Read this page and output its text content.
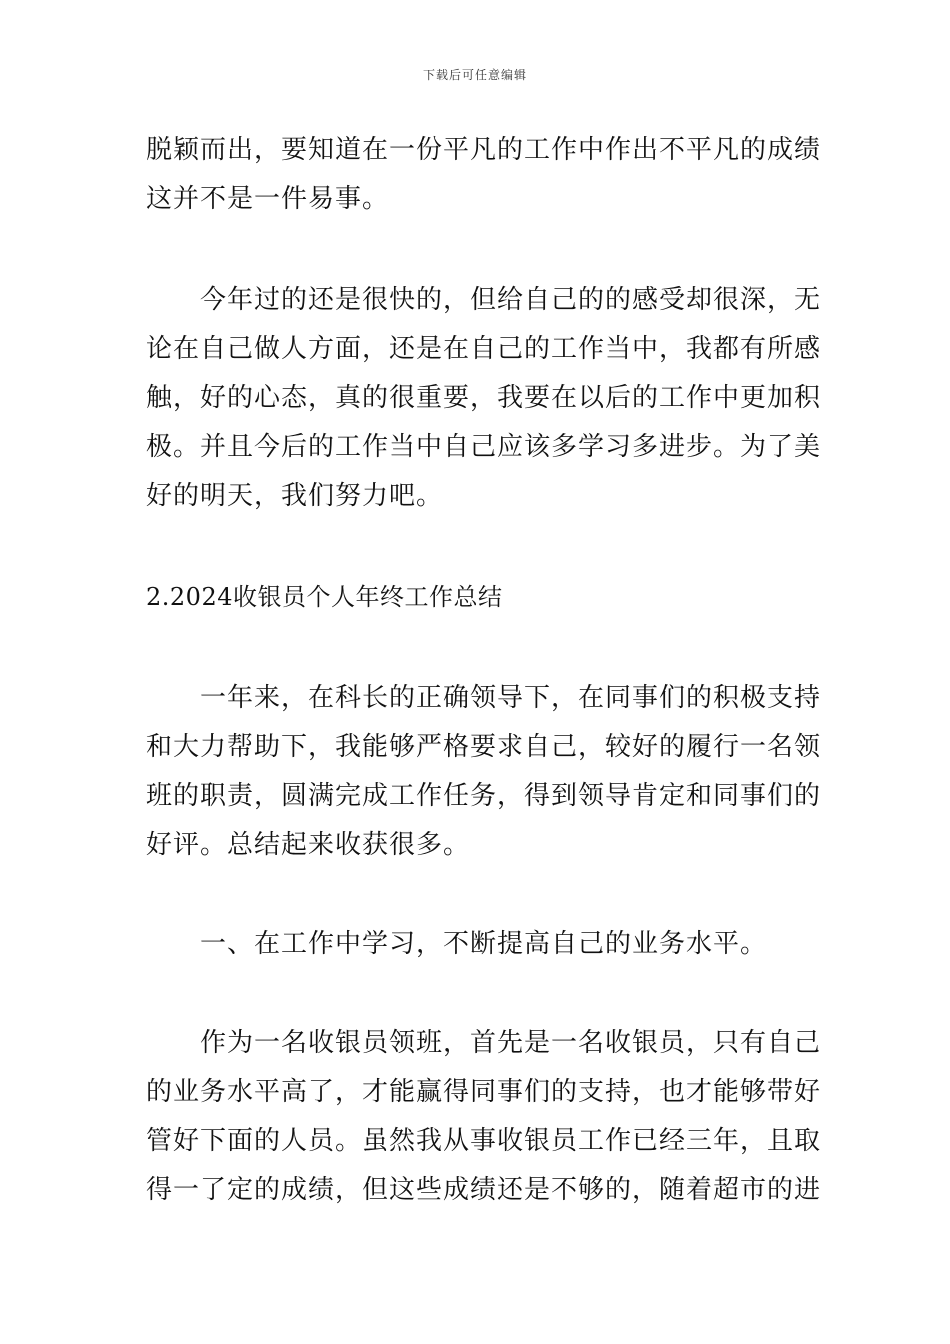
下载后可任意编辑
脱颖而出，要知道在一份平凡的工作中作出不平凡的成绩
这并不是一件易事。
今年过的还是很快的，但给自己的的感受却很深，无
论在自己做人方面，还是在自己的工作当中，我都有所感
触，好的心态，真的很重要，我要在以后的工作中更加积
极。并且今后的工作当中自己应该多学习多进步。为了美
好的明天，我们努力吧。
2.2024收银员个人年终工作总结
一年来，在科长的正确领导下，在同事们的积极支持
和大力帮助下，我能够严格要求自己，较好的履行一名领
班的职责，圆满完成工作任务，得到领导肯定和同事们的
好评。总结起来收获很多。
一、在工作中学习，不断提高自己的业务水平。
作为一名收银员领班，首先是一名收银员，只有自己
的业务水平高了，才能赢得同事们的支持，也才能够带好
管好下面的人员。虽然我从事收银员工作已经三年，且取
得一了定的成绩，但这些成绩还是不够的，随着超市的进
